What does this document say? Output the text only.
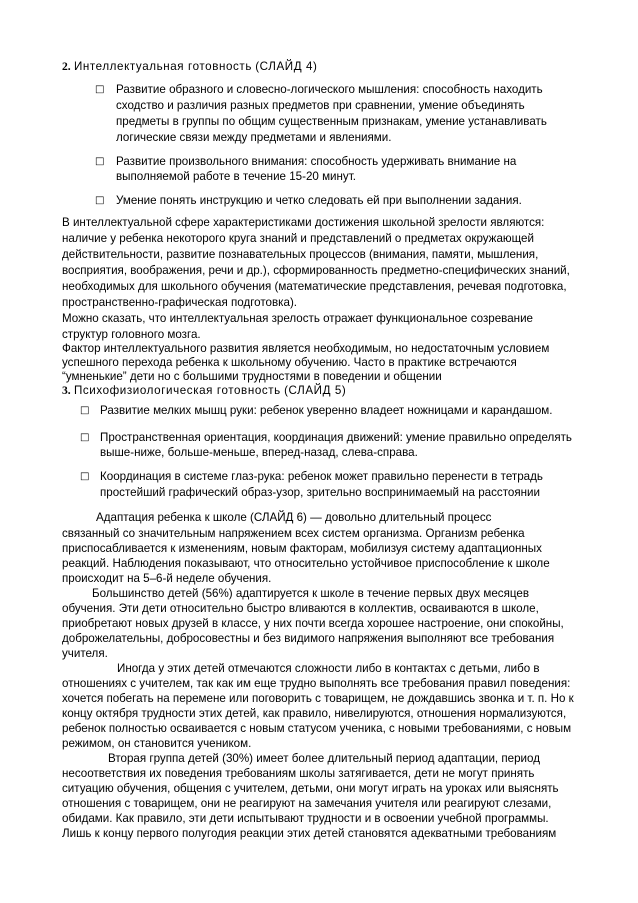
2. Интеллектуальная готовность (СЛАЙД 4)
□ Развитие образного и словесно-логического мышления: способность находить
сходство и различия разных предметов при сравнении, умение объединять
предметы в группы по общим существенным признакам, умение устанавливать
логические связи между предметами и явлениями.
□ Развитие произвольного внимания: способность удерживать внимание на
выполняемой работе в течение 15-20 минут.
□ Умение понять инструкцию и четко следовать ей при выполнении задания.
В интеллектуальной сфере характеристиками достижения школьной зрелости являются:
наличие у ребенка некоторого круга знаний и представлений о предметах окружающей
действительности, развитие познавательных процессов (внимания, памяти, мышления,
восприятия, воображения, речи и др.), сформированность предметно-специфических знаний,
необходимых для школьного обучения (математические представления, речевая подготовка,
пространственно-графическая подготовка).
Можно сказать, что интеллектуальная зрелость отражает функциональное созревание
структур головного мозга.
Фактор интеллектуального развития является необходимым, но недостаточным условием
успешного перехода ребенка к школьному обучению. Часто в практике встречаются
“умненькие” дети но с большими трудностями в поведении и общении
3. Психофизиологическая готовность (СЛАЙД 5)
□ Развитие мелких мышц руки: ребенок уверенно владеет ножницами и карандашом.
□ Пространственная ориентация, координация движений: умение правильно определять
выше-ниже, больше-меньше, вперед-назад, слева-справа.
□ Координация в системе глаз-рука: ребенок может правильно перенести в тетрадь
простейший графический образ-узор, зрительно воспринимаемый на расстоянии
Адаптация ребенка к школе (СЛАЙД 6) — довольно длительный процесс
связанный со значительным напряжением всех систем организма. Организм ребенка
приспосабливается к изменениям, новым факторам, мобилизуя систему адаптационных
реакций. Наблюдения показывают, что относительно устойчивое приспособление к школе
происходит на 5–6-й неделе обучения.
Большинство детей (56%) адаптируется к школе в течение первых двух месяцев
обучения. Эти дети относительно быстро вливаются в коллектив, осваиваются в школе,
приобретают новых друзей в классе, у них почти всегда хорошее настроение, они спокойны,
доброжелательны, добросовестны и без видимого напряжения выполняют все требования
учителя.
Иногда у этих детей отмечаются сложности либо в контактах с детьми, либо в
отношениях с учителем, так как им еще трудно выполнять все требования правил поведения:
хочется побегать на перемене или поговорить с товарищем, не дождавшись звонка и т. п. Но к
концу октября трудности этих детей, как правило, нивелируются, отношения нормализуются,
ребенок полностью осваивается с новым статусом ученика, с новыми требованиями, с новым
режимом, он становится учеником.
Вторая группа детей (30%) имеет более длительный период адаптации, период
несоответствия их поведения требованиям школы затягивается, дети не могут принять
ситуацию обучения, общения с учителем, детьми, они могут играть на уроках или выяснять
отношения с товарищем, они не реагируют на замечания учителя или реагируют слезами,
обидами. Как правило, эти дети испытывают трудности и в освоении учебной программы.
Лишь к концу первого полугодия реакции этих детей становятся адекватными требованиям
